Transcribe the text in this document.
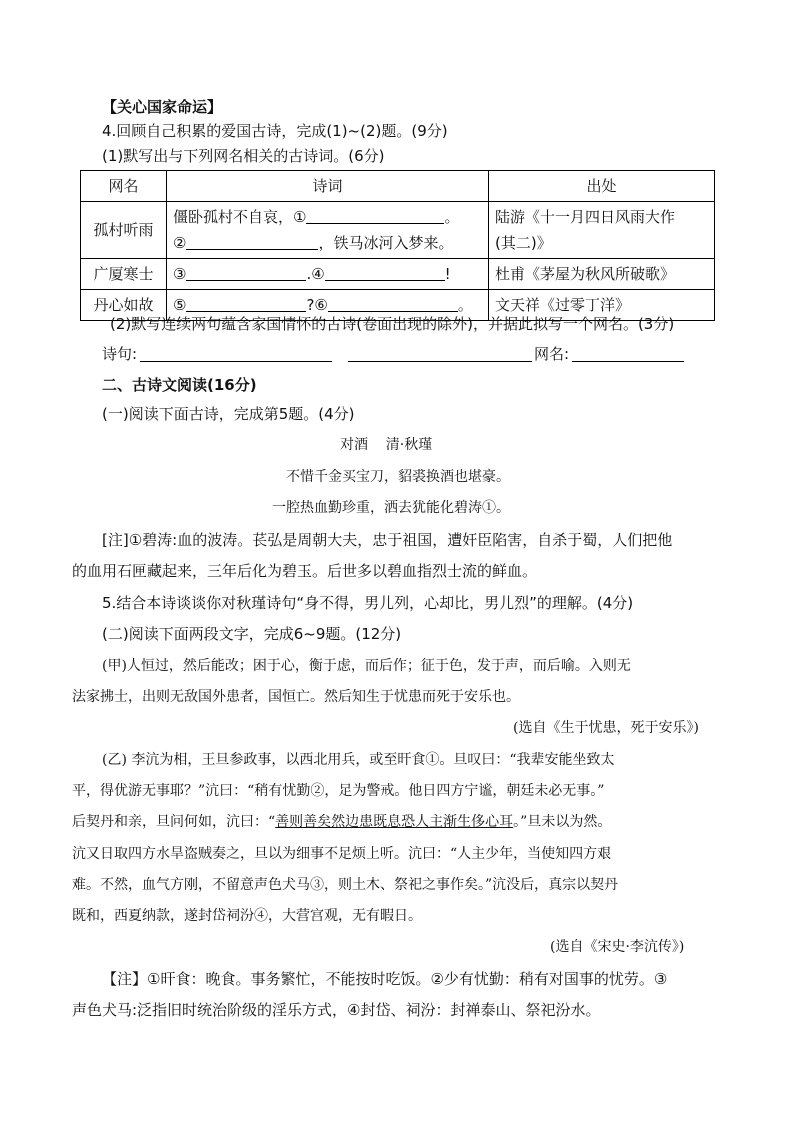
【关心国家命运】
4.回顾自己积累的爱国古诗，完成(1)~(2)题。(9分)
(1)默写出与下列网名相关的古诗词。(6分)
网名	诗词	出处
孤村听雨	僵卧孤村不自哀，① 。
② ，铁马冰河入梦来。	陆游《十一月四日风雨大作
(其二)》
广厦寒士	③ .④ !	杜甫《茅屋为秋风所破歌》
丹心如故	⑤ ?⑥ 。	文天祥《过零丁洋》
(2)默写连续两句蕴含家国情怀的古诗(卷面出现的除外)，并据此拟写一个网名。(3分)
诗句:	网名:
二、古诗文阅读(16分)
(一)阅读下面古诗，完成第5题。(4分)
对酒    清·秋瑾
不惜千金买宝刀，貂裘换酒也堪豪。
一腔热血勤珍重，洒去犹能化碧涛①。
[注]①碧涛:血的波涛。苌弘是周朝大夫，忠于祖国，遭奸臣陷害，自杀于蜀，人们把他
的血用石匣藏起来，三年后化为碧玉。后世多以碧血指烈士流的鲜血。
5.结合本诗谈谈你对秋瑾诗句“身不得，男儿列，心却比，男儿烈”的理解。(4分)
(二)阅读下面两段文字，完成6~9题。(12分)
(甲)人恒过，然后能改；困于心，衡于虑，而后作；征于色，发于声，而后喻。入则无
法家拂士，出则无敌国外患者，国恒亡。然后知生于忧患而死于安乐也。
(选自《生于忧患，死于安乐》)
(乙) 李沆为相，王旦参政事，以西北用兵，或至旰食①。旦叹曰：“我辈安能坐致太
平，得优游无事耶？”沆曰：“稍有忧勤②，足为警戒。他日四方宁谧，朝廷未必无事。”
后契丹和亲，旦问何如，沆曰：“善则善矣然边患既息恐人主渐生侈心耳。”旦未以为然。
沆又日取四方水旱盗贼奏之，旦以为细事不足烦上听。沆曰：“人主少年，当使知四方艰
难。不然，血气方刚，不留意声色犬马③，则土木、祭祀之事作矣。”沆没后，真宗以契丹
既和，西夏纳款，遂封岱祠汾④，大营宫观，无有暇日。
(选自《宋史·李沆传》)
【注】①旰食：晚食。事务繁忙，不能按时吃饭。②少有忧勤：稍有对国事的忧劳。③
声色犬马:泛指旧时统治阶级的淫乐方式，④封岱、祠汾：封禅泰山、祭祀汾水。
